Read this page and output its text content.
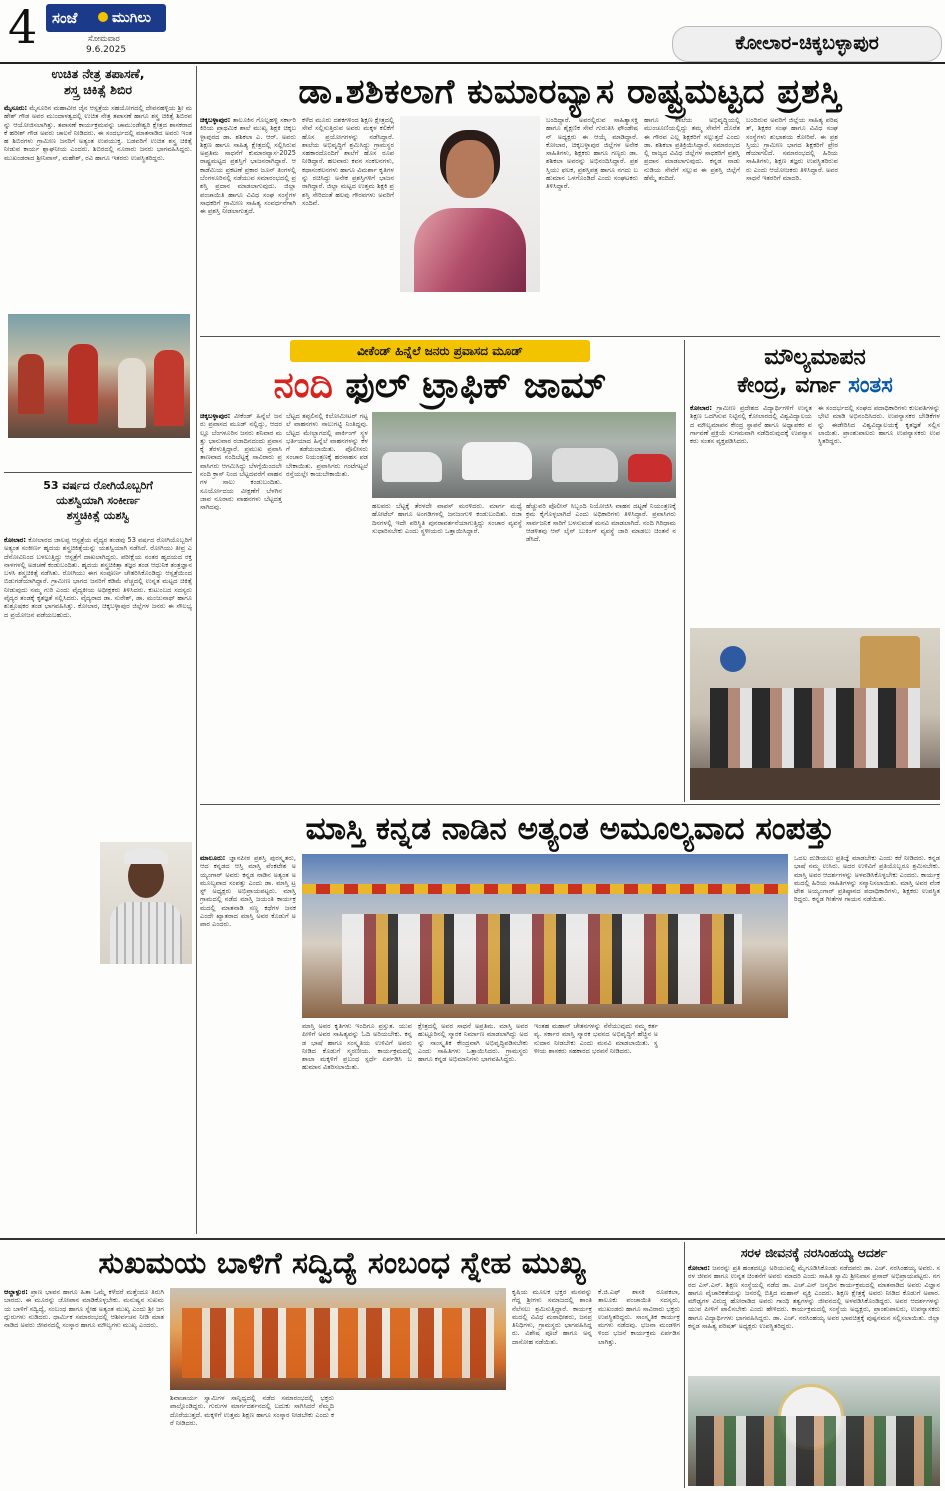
4 ಸಂಜೆ ಮುಗಿಲು
ಸೋಮವಾರ
9.6.2025	ಕೋಲಾರ-ಚಿಕ್ಕಬಳ್ಳಾಪುರ
ಉಚಿತ ನೇತ್ರ ತಪಾಸಣೆ,
ಶಸ್ತ್ರ ಚಿಕಿತ್ಸೆ ಶಿಬಿರ
ಮೈಸೂರು: ಮೈಸೂರಿನ ಮಹಾವೀರ ಜೈನ ಆಸ್ಪತ್ರೆಯ ಸಹಯೋಗದಲ್ಲಿ ದೇವನಹಳ್ಳಿಯ ಶ್ರೀ ಮಹೇಶ್ ಗೌಡ ಅವರ ಮುಂದಾಳತ್ವದಲ್ಲಿ ಉಚಿತ ನೇತ್ರ ತಪಾಸಣೆ ಹಾಗೂ ಶಸ್ತ್ರ ಚಿಕಿತ್ಸೆ ಶಿಬಿರವನ್ನು ಆಯೋಜಿಸಲಾಗಿತ್ತು. ತಪಾಸಣೆ ಕಾರ್ಯಕ್ರಮವನ್ನು ಚಾಮುಂಡೇಶ್ವರಿ ಕ್ಷೇತ್ರದ ಶಾಸಕರಾದ ಕೆ ಹರೀಶ್ ಗೌಡ ಅವರು ಚಾಲನೆ ನೀಡಿದರು. ಈ ಸಂದರ್ಭದಲ್ಲಿ ಮಾತನಾಡಿದ ಅವರು ಇಂತಹ ಶಿಬಿರಗಳು ಗ್ರಾಮೀಣ ಜನರಿಗೆ ಅತ್ಯಂತ ಉಪಯುಕ್ತ. ಬಡವರಿಗೆ ಉಚಿತ ಶಸ್ತ್ರ ಚಿಕಿತ್ಸೆ ನೀಡುವ ಕಾರ್ಯ ಶ್ಲಾಘನೀಯ ಎಂದರು. ಶಿಬಿರದಲ್ಲಿ ನೂರಾರು ಜನರು ಭಾಗವಹಿಸಿದ್ದರು. ಮುಖಂಡರಾದ ಶ್ರೀನಿವಾಸ್, ಮಹೇಶ್, ರವಿ ಹಾಗೂ ಇತರರು ಉಪಸ್ಥಿತರಿದ್ದರು.
53 ವರ್ಷದ ರೋಗಿಯೊಬ್ಬರಿಗೆ
ಯಶಸ್ವಿಯಾಗಿ ಸಂಕೀರ್ಣ
ಶಸ್ತ್ರಚಿಕಿತ್ಸೆ ಯಶಸ್ವಿ
ಕೋಲಾರ: ಕೋಲಾರದ ಜಾಲಪ್ಪ ಆಸ್ಪತ್ರೆಯ ವೈದ್ಯರ ತಂಡವು 53 ವರ್ಷದ ರೋಗಿಯೊಬ್ಬರಿಗೆ ಅತ್ಯಂತ ಸಂಕೀರ್ಣ ಹೃದಯ ಶಸ್ತ್ರಚಿಕಿತ್ಸೆಯನ್ನು ಯಶಸ್ವಿಯಾಗಿ ನಡೆಸಿದೆ. ರೋಗಿಯು ತೀವ್ರ ಎದೆನೋವಿನಿಂದ ಬಳಲುತ್ತಿದ್ದು ಆಸ್ಪತ್ರೆಗೆ ದಾಖಲಾಗಿದ್ದರು. ಪರೀಕ್ಷೆಯ ನಂತರ ಹೃದಯದ ರಕ್ತನಾಳಗಳಲ್ಲಿ ಅಡಚಣೆ ಕಂಡುಬಂದಿತು. ಹೃದಯ ಶಸ್ತ್ರಚಿಕಿತ್ಸಾ ತಜ್ಞರ ತಂಡ ಆಧುನಿಕ ತಂತ್ರಜ್ಞಾನ ಬಳಸಿ ಶಸ್ತ್ರಚಿಕಿತ್ಸೆ ನಡೆಸಿತು. ರೋಗಿಯು ಈಗ ಸಂಪೂರ್ಣ ಚೇತರಿಸಿಕೊಂಡಿದ್ದು ಆಸ್ಪತ್ರೆಯಿಂದ ಬಿಡುಗಡೆಯಾಗಿದ್ದಾರೆ. ಗ್ರಾಮೀಣ ಭಾಗದ ಜನರಿಗೆ ಕಡಿಮೆ ವೆಚ್ಚದಲ್ಲಿ ಉನ್ನತ ಮಟ್ಟದ ಚಿಕಿತ್ಸೆ ನೀಡುವುದು ನಮ್ಮ ಗುರಿ ಎಂದು ವೈದ್ಯಕೀಯ ಅಧೀಕ್ಷಕರು ತಿಳಿಸಿದರು. ಕುಟುಂಬದ ಸದಸ್ಯರು ವೈದ್ಯರ ತಂಡಕ್ಕೆ ಕೃತಜ್ಞತೆ ಸಲ್ಲಿಸಿದರು. ವೈದ್ಯರಾದ ಡಾ. ಸುರೇಶ್, ಡಾ. ಮಂಜುನಾಥ್ ಹಾಗೂ ಶುಶ್ರೂಷಕರ ತಂಡ ಭಾಗವಹಿಸಿತ್ತು. ಕೋಲಾರ, ಚಿಕ್ಕಬಳ್ಳಾಪುರ ಜಿಲ್ಲೆಗಳ ಜನರು ಈ ಸೌಲಭ್ಯದ ಪ್ರಯೋಜನ ಪಡೆಯಬಹುದು.
ಡಾ.ಶಶಿಕಲಾಗೆ ಕುಮಾರವ್ಯಾಸ ರಾಷ್ಟ್ರಮಟ್ಟದ ಪ್ರಶಸ್ತಿ
ಚಿಕ್ಕಬಳ್ಳಾಪುರ: ತಾಲೂಕಿನ ಗೊಲ್ಲಹಳ್ಳಿ ಸರ್ಕಾರಿ ಕಿರಿಯ ಪ್ರಾಥಮಿಕ ಶಾಲೆ ಮುಖ್ಯ ಶಿಕ್ಷಕಿ ಚಿಕ್ಕಬಳ್ಳಾಪುರದ ಡಾ. ಶಶಿಕಲಾ ಎ. ಆರ್. ಅವರು ಶಿಕ್ಷಣ ಹಾಗೂ ಸಾಹಿತ್ಯ ಕ್ಷೇತ್ರದಲ್ಲಿ ಸಲ್ಲಿಸಿರುವ ಅಪ್ರತಿಮ ಸಾಧನೆಗೆ ಕುಮಾರವ್ಯಾಸ-2025 ರಾಷ್ಟ್ರಮಟ್ಟದ ಪ್ರಶಸ್ತಿಗೆ ಭಾಜನರಾಗಿದ್ದಾರೆ. ಆಕಾಡೆಮಿಯ ಪ್ರಕಟಣೆ ಪ್ರಕಾರ ಜೂನ್ ತಿಂಗಳಲ್ಲಿ ಬೆಂಗಳೂರಿನಲ್ಲಿ ನಡೆಯುವ ಸಮಾರಂಭದಲ್ಲಿ ಪ್ರಶಸ್ತಿ ಪ್ರದಾನ ಮಾಡಲಾಗುವುದು. ಜಿಲ್ಲಾ ಪಂಚಾಯಿತಿ ಹಾಗೂ ವಿವಿಧ ಸಂಘ ಸಂಸ್ಥೆಗಳ ಸಾಧಕರಿಗೆ ಗ್ರಾಮೀಣ ಸಾಹಿತ್ಯ ಸಂವರ್ಧನೆಗಾಗಿ ಈ ಪ್ರಶಸ್ತಿ ನೀಡಲಾಗುತ್ತದೆ.
ಕಳೆದ ಮೂರು ದಶಕಗಳಿಂದ ಶಿಕ್ಷಣ ಕ್ಷೇತ್ರದಲ್ಲಿ ಸೇವೆ ಸಲ್ಲಿಸುತ್ತಿರುವ ಅವರು ಮಕ್ಕಳ ಕಲಿಕೆಗೆ ಹೊಸ ಪ್ರಯೋಗಗಳನ್ನು ನಡೆಸಿದ್ದಾರೆ. ಶಾಲೆಯ ಅಭಿವೃದ್ಧಿಗೆ ಶ್ರಮಿಸಿದ್ದು ಗ್ರಾಮಸ್ಥರ ಸಹಕಾರದೊಂದಿಗೆ ಶಾಲೆಗೆ ಹೊಸ ರೂಪ ನೀಡಿದ್ದಾರೆ. ಹಲವಾರು ಕವನ ಸಂಕಲನಗಳು, ಕಥಾಸಂಕಲನಗಳು ಹಾಗೂ ವಿಮರ್ಶಾ ಕೃತಿಗಳನ್ನು ರಚಿಸಿದ್ದು ಅನೇಕ ಪ್ರಶಸ್ತಿಗಳಿಗೆ ಭಾಜನರಾಗಿದ್ದಾರೆ. ಜಿಲ್ಲಾ ಮಟ್ಟದ ಉತ್ತಮ ಶಿಕ್ಷಕಿ ಪ್ರಶಸ್ತಿ ಸೇರಿದಂತೆ ಹಲವು ಗೌರವಗಳು ಅವರಿಗೆ ಸಂದಿವೆ.
ಬಂದಿದ್ದಾರೆ. ಅವರಲ್ಲಿರುವ ಸಾಹಿತ್ಯಾಸಕ್ತಿ ಹಾಗೂ ಶೈಕ್ಷಣಿಕ ಸೇವೆ ಗುರುತಿಸಿ ಫೌಂಡೇಷನ್ ಅಧ್ಯಕ್ಷರು ಈ ಆಯ್ಕೆ ಮಾಡಿದ್ದಾರೆ. ಕೋಲಾರ, ಚಿಕ್ಕಬಳ್ಳಾಪುರ ಜಿಲ್ಲೆಗಳ ಅನೇಕ ಸಾಹಿತಿಗಳು, ಶಿಕ್ಷಕರು ಹಾಗೂ ಗಣ್ಯರು ಡಾ. ಶಶಿಕಲಾ ಅವರನ್ನು ಅಭಿನಂದಿಸಿದ್ದಾರೆ. ಪ್ರಶಸ್ತಿಯು ಫಲಕ, ಪ್ರಶಸ್ತಿಪತ್ರ ಹಾಗೂ ನಗದು ಬಹುಮಾನ ಒಳಗೊಂಡಿದೆ ಎಂದು ಸಂಘಟಕರು ತಿಳಿಸಿದ್ದಾರೆ.
ಹಾಗೂ ಶಾಲೆಯ ಅಭಿವೃದ್ಧಿಯಲ್ಲಿ ಮುಂಚೂಣಿಯಲ್ಲಿದ್ದು ತಮ್ಮ ಸೇವೆಗೆ ದೊರೆತ ಈ ಗೌರವ ಎಲ್ಲ ಶಿಕ್ಷಕರಿಗೆ ಸಲ್ಲುತ್ತದೆ ಎಂದು ಡಾ. ಶಶಿಕಲಾ ಪ್ರತಿಕ್ರಿಯಿಸಿದ್ದಾರೆ. ಸಮಾರಂಭದಲ್ಲಿ ರಾಜ್ಯದ ವಿವಿಧ ಜಿಲ್ಲೆಗಳ ಸಾಧಕರಿಗೆ ಪ್ರಶಸ್ತಿ ಪ್ರದಾನ ಮಾಡಲಾಗುವುದು. ಕನ್ನಡ ನಾಡು ನುಡಿಯ ಸೇವೆಗೆ ಸಲ್ಲುವ ಈ ಪ್ರಶಸ್ತಿ ಜಿಲ್ಲೆಗೆ ಹೆಮ್ಮೆ ತಂದಿದೆ.
ಬಂದಿರುವ ಅವರಿಗೆ ಜಿಲ್ಲೆಯ ಸಾಹಿತ್ಯ ಪರಿಷತ್, ಶಿಕ್ಷಕರ ಸಂಘ ಹಾಗೂ ವಿವಿಧ ಸಂಘ ಸಂಸ್ಥೆಗಳು ಶುಭಾಶಯ ಕೋರಿವೆ. ಈ ಪ್ರಶಸ್ತಿಯು ಗ್ರಾಮೀಣ ಭಾಗದ ಶಿಕ್ಷಕರಿಗೆ ಪ್ರೇರಣೆಯಾಗಲಿದೆ. ಸಮಾರಂಭದಲ್ಲಿ ಹಿರಿಯ ಸಾಹಿತಿಗಳು, ಶಿಕ್ಷಣ ತಜ್ಞರು ಉಪಸ್ಥಿತರಿರುವರು ಎಂದು ಆಯೋಜಕರು ತಿಳಿಸಿದ್ದಾರೆ. ಅವರ ಸಾಧನೆ ಇತರರಿಗೆ ಮಾದರಿ.
ವೀಕೆಂಡ್ ಹಿನ್ನೆಲೆ ಜನರು ಪ್ರವಾಸದ ಮೂಡ್
ನಂದಿ ಫುಲ್ ಟ್ರಾಫಿಕ್ ಜಾಮ್
ಚಿಕ್ಕಬಳ್ಳಾಪುರ: ವೀಕೆಂಡ್ ಹಿನ್ನೆಲೆ ಜನರು ಪ್ರವಾಸದ ಮೂಡ್ ನಲ್ಲಿದ್ದು, ಆದರಲ್ಲೂ ಬೆಂಗಳೂರಿನ ಜನರು ಶನಿವಾರ ಮತ್ತು ಭಾನುವಾರ ರಜಾದಿನದಂದು ಪ್ರವಾಸಕ್ಕೆ ತೆರಳುತ್ತಿದ್ದಾರೆ. ಪ್ರಮುಖ ಪ್ರವಾಸಿ ತಾಣವಾದ ನಂದಿಬೆಟ್ಟಕ್ಕೆ ಸಾವಿರಾರು ಪ್ರವಾಸಿಗರು ಆಗಮಿಸಿದ್ದು ಬೆಳಗ್ಗೆಯಿಂದಲೇ ನಂದಿ ಕ್ರಾಸ್ ನಿಂದ ಬೆಟ್ಟದವರೆಗೆ ವಾಹನಗಳ ಸಾಲು ಕಂಡುಬಂದಿತು. ಸೂರ್ಯೋದಯ ವೀಕ್ಷಣೆಗೆ ಬೆಳಗಿನ ಜಾವ ನೂರಾರು ವಾಹನಗಳು ಬೆಟ್ಟದತ್ತ ಸಾಗಿದವು.
ಬೆಟ್ಟದ ತಪ್ಪಲಿನಲ್ಲಿ ಕಿಲೋಮೀಟರ್ ಗಟ್ಟಲೆ ವಾಹನಗಳು ಸಾಲುಗಟ್ಟಿ ನಿಂತಿದ್ದವು. ಬೆಟ್ಟದ ಮೇಲ್ಭಾಗದಲ್ಲಿ ಪಾರ್ಕಿಂಗ್ ಸ್ಥಳ ಭರ್ತಿಯಾದ ಹಿನ್ನೆಲೆ ವಾಹನಗಳನ್ನು ಕೆಳಗೆ ತಡೆಯಲಾಯಿತು. ಪೊಲೀಸರು ಸಂಚಾರ ನಿಯಂತ್ರಣಕ್ಕೆ ಹರಸಾಹಸ ಪಡಬೇಕಾಯಿತು. ಪ್ರವಾಸಿಗರು ಗಂಟೆಗಟ್ಟಲೆ ರಸ್ತೆಯಲ್ಲೇ ಕಾಯಬೇಕಾಯಿತು.
ಹಲವರು ಬೆಟ್ಟಕ್ಕೆ ತೆರಳದೇ ವಾಪಸ್ ಮರಳಿದರು. ಮಾರ್ಗ ಮಧ್ಯೆ ಹೋಟೆಲ್ ಹಾಗೂ ಅಂಗಡಿಗಳಲ್ಲಿ ಜನಜಂಗುಳಿ ಕಂಡುಬಂದಿತು. ರಜಾ ದಿನಗಳಲ್ಲಿ ಇದೇ ಪರಿಸ್ಥಿತಿ ಪುನರಾವರ್ತನೆಯಾಗುತ್ತಿದ್ದು ಸಂಚಾರ ವ್ಯವಸ್ಥೆ ಸುಧಾರಿಸಬೇಕು ಎಂದು ಸ್ಥಳೀಯರು ಒತ್ತಾಯಿಸಿದ್ದಾರೆ.
ಹೆಚ್ಚುವರಿ ಪೊಲೀಸ್ ಸಿಬ್ಬಂದಿ ನಿಯೋಜಿಸಿ ವಾಹನ ದಟ್ಟಣೆ ನಿಯಂತ್ರಣಕ್ಕೆ ಕ್ರಮ ಕೈಗೊಳ್ಳಲಾಗಿದೆ ಎಂದು ಅಧಿಕಾರಿಗಳು ತಿಳಿಸಿದ್ದಾರೆ. ಪ್ರವಾಸಿಗರು ಸಾರ್ವಜನಿಕ ಸಾರಿಗೆ ಬಳಸುವಂತೆ ಮನವಿ ಮಾಡಲಾಗಿದೆ. ನಂದಿ ಗಿರಿಧಾಮ ಆಡಳಿತವು ಆನ್ ಲೈನ್ ಬುಕಿಂಗ್ ವ್ಯವಸ್ಥೆ ಜಾರಿ ಮಾಡಲು ಚಿಂತನೆ ನಡೆಸಿದೆ.
ಮೌಲ್ಯಮಾಪನ
ಕೇಂದ್ರ, ವರ್ಗಾ ಸಂತಸ
ಕೋಲಾರ: ಗ್ರಾಮೀಣ ಪ್ರದೇಶದ ವಿದ್ಯಾರ್ಥಿಗಳಿಗೆ ಉನ್ನತ ಶಿಕ್ಷಣ ಒದಗಿಸುವ ನಿಟ್ಟಿನಲ್ಲಿ ಕೋಲಾರದಲ್ಲಿ ವಿಶ್ವವಿದ್ಯಾಲಯದ ಮೌಲ್ಯಮಾಪನ ಕೇಂದ್ರ ಸ್ಥಾಪನೆ ಹಾಗೂ ಅಧ್ಯಾಪಕರ ವರ್ಗಾವಣೆ ಪ್ರಕ್ರಿಯೆ ಸುಗಮವಾಗಿ ನಡೆದಿರುವುದಕ್ಕೆ ಉಪನ್ಯಾಸಕರು ಸಂತಸ ವ್ಯಕ್ತಪಡಿಸಿದರು.
ಈ ಸಂದರ್ಭದಲ್ಲಿ ಸಂಘದ ಪದಾಧಿಕಾರಿಗಳು ಕುಲಪತಿಗಳನ್ನು ಭೇಟಿ ಮಾಡಿ ಅಭಿನಂದಿಸಿದರು. ಉಪನ್ಯಾಸಕರ ಬೇಡಿಕೆಗಳನ್ನು ಈಡೇರಿಸಿದ ವಿಶ್ವವಿದ್ಯಾಲಯಕ್ಕೆ ಕೃತಜ್ಞತೆ ಸಲ್ಲಿಸಲಾಯಿತು. ಪ್ರಾಂಶುಪಾಲರು ಹಾಗೂ ಉಪನ್ಯಾಸಕರು ಉಪಸ್ಥಿತರಿದ್ದರು.
ಮಾಸ್ತಿ ಕನ್ನಡ ನಾಡಿನ ಅತ್ಯಂತ ಅಮೂಲ್ಯವಾದ ಸಂಪತ್ತು
ಮಾಲೂರು: ಜ್ಞಾನಪೀಠ ಪ್ರಶಸ್ತಿ ಪುರಸ್ಕೃತರು, ಆದ ಕನ್ನಡದ ಆಸ್ತಿ ಮಾಸ್ತಿ ವೆಂಕಟೇಶ ಅಯ್ಯಂಗಾರ್ ಅವರು ಕನ್ನಡ ನಾಡಿನ ಅತ್ಯಂತ ಅಮೂಲ್ಯವಾದ ಸಂಪತ್ತು ಎಂದು ಡಾ. ಮಾಸ್ತಿ ಟ್ರಸ್ಟ್ ಅಧ್ಯಕ್ಷರು ಅಭಿಪ್ರಾಯಪಟ್ಟರು. ಮಾಸ್ತಿ ಗ್ರಾಮದಲ್ಲಿ ನಡೆದ ಮಾಸ್ತಿ ಜಯಂತಿ ಕಾರ್ಯಕ್ರಮದಲ್ಲಿ ಮಾತನಾಡಿ ಸಣ್ಣ ಕಥೆಗಳ ಜನಕ ಎಂದೇ ಖ್ಯಾತರಾದ ಮಾಸ್ತಿ ಅವರ ಕೊಡುಗೆ ಅಪಾರ ಎಂದರು.
ಮಾಸ್ತಿ ಅವರ ಕೃತಿಗಳು ಇಂದಿಗೂ ಪ್ರಸ್ತುತ. ಯುವ ಪೀಳಿಗೆ ಅವರ ಸಾಹಿತ್ಯವನ್ನು ಓದಿ ಅರಿಯಬೇಕು. ಕನ್ನಡ ಭಾಷೆ ಹಾಗೂ ಸಂಸ್ಕೃತಿಯ ಉಳಿವಿಗೆ ಅವರು ನೀಡಿದ ಕೊಡುಗೆ ಸ್ಮರಣೀಯ. ಕಾರ್ಯಕ್ರಮದಲ್ಲಿ ಶಾಲಾ ಮಕ್ಕಳಿಗೆ ಪ್ರಬಂಧ ಸ್ಪರ್ಧೆ ಏರ್ಪಡಿಸಿ ಬಹುಮಾನ ವಿತರಿಸಲಾಯಿತು.
ಕ್ಷೇತ್ರದಲ್ಲಿ ಅವರ ಸಾಧನೆ ಅಪ್ರತಿಮ. ಮಾಸ್ತಿ ಅವರ ಹುಟ್ಟೂರಿನಲ್ಲಿ ಸ್ಮಾರಕ ನಿರ್ಮಾಣ ಮಾಡಲಾಗಿದ್ದು ಅದನ್ನು ಸಾಂಸ್ಕೃತಿಕ ಕೇಂದ್ರವಾಗಿ ಅಭಿವೃದ್ಧಿಪಡಿಸಬೇಕು ಎಂದು ಸಾಹಿತಿಗಳು ಒತ್ತಾಯಿಸಿದರು. ಗ್ರಾಮಸ್ಥರು ಹಾಗೂ ಕನ್ನಡ ಅಭಿಮಾನಿಗಳು ಭಾಗವಹಿಸಿದ್ದರು.
ಇಂತಹ ಮಹಾನ್ ಚೇತನಗಳನ್ನು ನೆನೆಯುವುದು ನಮ್ಮ ಕರ್ತವ್ಯ. ಸರ್ಕಾರ ಮಾಸ್ತಿ ಸ್ಮಾರಕ ಭವನದ ಅಭಿವೃದ್ಧಿಗೆ ಹೆಚ್ಚಿನ ಅನುದಾನ ನೀಡಬೇಕು ಎಂದು ಮನವಿ ಮಾಡಲಾಯಿತು. ಸ್ಥಳೀಯ ಶಾಸಕರು ಸಹಕಾರದ ಭರವಸೆ ನೀಡಿದರು.
ಒದಲ ದುಡಿಯಲು ಪ್ರತಿಜ್ಞೆ ಮಾಡಬೇಕು ಎಂದು ಕರೆ ನೀಡಿದರು. ಕನ್ನಡ ಭಾಷೆ ನಮ್ಮ ಉಸಿರು. ಅದರ ಉಳಿವಿಗೆ ಪ್ರತಿಯೊಬ್ಬರೂ ಶ್ರಮಿಸಬೇಕು. ಮಾಸ್ತಿ ಅವರ ಆದರ್ಶಗಳನ್ನು ಅಳವಡಿಸಿಕೊಳ್ಳಬೇಕು ಎಂದರು. ಕಾರ್ಯಕ್ರಮದಲ್ಲಿ ಹಿರಿಯ ಸಾಹಿತಿಗಳನ್ನು ಸನ್ಮಾನಿಸಲಾಯಿತು. ಮಾಸ್ತಿ ಅವರ ವೆಂಕಟೇಶ ಅಯ್ಯಂಗಾರ್ ಪ್ರತಿಷ್ಠಾನದ ಪದಾಧಿಕಾರಿಗಳು, ಶಿಕ್ಷಕರು ಉಪಸ್ಥಿತರಿದ್ದರು. ಕನ್ನಡ ಗೀತೆಗಳ ಗಾಯನ ನಡೆಯಿತು.
ಸುಖಮಯ ಬಾಳಿಗೆ ಸದ್ವಿದ್ಯೆ ಸಂಬಂಧ ಸ್ನೇಹ ಮುಖ್ಯ
ಆಲ್ದಾಳ್ಪುರ: ಪ್ರಾಣ ಭಾವನ ಹಾಗೂ ಹಿತಾ ಒಮ್ಮೆ ಕಳೆದರೆ ಮತ್ತೆಂದೂ ತಿರುಗಿ ಬಾರದು. ಈ ಮೂರನ್ನು ಜೋಪಾನ ಮಾಡಿಕೊಳ್ಳಬೇಕು. ಮನುಷ್ಯನ ಸುಖಮಯ ಬಾಳಿಗೆ ಸದ್ವಿದ್ಯೆ, ಸಂಬಂಧ ಹಾಗೂ ಸ್ನೇಹ ಅತ್ಯಂತ ಮುಖ್ಯ ಎಂದು ಶ್ರೀ ಜಗದ್ಗುರುಗಳು ನುಡಿದರು. ಧಾರ್ಮಿಕ ಸಮಾರಂಭದಲ್ಲಿ ಆಶೀರ್ವಚನ ನೀಡಿ ಮಾತನಾಡಿದ ಅವರು ಜೀವನದಲ್ಲಿ ಸಂಸ್ಕಾರ ಹಾಗೂ ಮೌಲ್ಯಗಳು ಮುಖ್ಯ ಎಂದರು.
ಶಿವಾಚಾರ್ಯ ಸ್ವಾಮಿಗಳ ಸಾನ್ನಿಧ್ಯದಲ್ಲಿ ನಡೆದ ಸಮಾರಂಭದಲ್ಲಿ ಭಕ್ತರು ಪಾಲ್ಗೊಂಡಿದ್ದರು. ಗುರುಗಳ ಮಾರ್ಗದರ್ಶನದಲ್ಲಿ ಬದುಕು ಸಾಗಿಸಿದರೆ ನೆಮ್ಮದಿ ದೊರೆಯುತ್ತದೆ. ಮಕ್ಕಳಿಗೆ ಉತ್ತಮ ಶಿಕ್ಷಣ ಹಾಗೂ ಸಂಸ್ಕಾರ ನೀಡಬೇಕು ಎಂದು ಕರೆ ನೀಡಿದರು.
ಕೃಷಿಯ ಮೂಲಕ ಭಕ್ತರ ಮನವನ್ನು ಗೆದ್ದ ಶ್ರೀಗಳು ಸಮಾಜದಲ್ಲಿ ಶಾಂತಿ ನೆಲೆಸಲು ಶ್ರಮಿಸುತ್ತಿದ್ದಾರೆ. ಕಾರ್ಯಕ್ರಮದಲ್ಲಿ ವಿವಿಧ ಮಠಾಧೀಶರು, ಜನಪ್ರತಿನಿಧಿಗಳು, ಗ್ರಾಮಸ್ಥರು ಭಾಗವಹಿಸಿದ್ದರು. ವಿಶೇಷ ಪೂಜೆ ಹಾಗೂ ಅನ್ನದಾಸೋಹ ನಡೆಯಿತು.
ಕೆ.ಜಿ.ಎಫ್ ಶಾಸಕಿ ರೂಪಕಲಾ, ತಾಲೂಕು ಪಂಚಾಯಿತಿ ಸದಸ್ಯರು, ಮುಖಂಡರು ಹಾಗೂ ಸಾವಿರಾರು ಭಕ್ತರು ಉಪಸ್ಥಿತರಿದ್ದರು. ಸಾಂಸ್ಕೃತಿಕ ಕಾರ್ಯಕ್ರಮಗಳು ನಡೆದವು. ಭಜನಾ ಮಂಡಳಿಗಳಿಂದ ಭಜನೆ ಕಾರ್ಯಕ್ರಮ ಏರ್ಪಡಿಸಲಾಗಿತ್ತು.
ಸರಳ ಜೀವನಕ್ಕೆ ನರಸಿಂಹಯ್ಯ ಆದರ್ಶ
ಕೋಲಾರ: ಜನರನ್ನು ಪ್ರತಿ ಹಂತದಲ್ಲೂ ಅರಿಯುವಲ್ಲಿ ಮೈಗೂಡಿಸಿಕೊಂಡು ನಡೆದವರು ಡಾ. ಎಚ್. ನರಸಿಂಹಯ್ಯ ಅವರು. ಸರಳ ಜೀವನ ಹಾಗೂ ಉನ್ನತ ಚಿಂತನೆಗೆ ಅವರು ಮಾದರಿ ಎಂದು ಸಾಹಿತಿ ಸ್ವಾಮಿ ಶ್ರೀನಿವಾಸ ಪ್ರಸಾದ್ ಅಭಿಪ್ರಾಯಪಟ್ಟರು. ನಗರದ ಎಸ್.ಎನ್. ಶಿಕ್ಷಣ ಸಂಸ್ಥೆಯಲ್ಲಿ ನಡೆದ ಡಾ. ಎಚ್.ಎನ್ ಜನ್ಮದಿನ ಕಾರ್ಯಕ್ರಮದಲ್ಲಿ ಮಾತನಾಡಿದ ಅವರು ವಿಜ್ಞಾನ ಹಾಗೂ ವೈಚಾರಿಕತೆಯನ್ನು ಜನರಲ್ಲಿ ಬಿತ್ತಿದ ಮಹಾನ್ ವ್ಯಕ್ತಿ ಎಂದರು. ಶಿಕ್ಷಣ ಕ್ಷೇತ್ರಕ್ಕೆ ಅವರು ನೀಡಿದ ಕೊಡುಗೆ ಅಪಾರ. ಮೌಢ್ಯಗಳ ವಿರುದ್ಧ ಹೋರಾಡಿದ ಅವರು ಗಾಂಧಿ ತತ್ವಗಳನ್ನು ಜೀವನದಲ್ಲಿ ಅಳವಡಿಸಿಕೊಂಡಿದ್ದರು. ಅವರ ಆದರ್ಶಗಳನ್ನು ಯುವ ಪೀಳಿಗೆ ಪಾಲಿಸಬೇಕು ಎಂದು ಹೇಳಿದರು. ಕಾರ್ಯಕ್ರಮದಲ್ಲಿ ಸಂಸ್ಥೆಯ ಅಧ್ಯಕ್ಷರು, ಪ್ರಾಂಶುಪಾಲರು, ಉಪನ್ಯಾಸಕರು ಹಾಗೂ ವಿದ್ಯಾರ್ಥಿಗಳು ಭಾಗವಹಿಸಿದ್ದರು. ಡಾ. ಎಚ್. ನರಸಿಂಹಯ್ಯ ಅವರ ಭಾವಚಿತ್ರಕ್ಕೆ ಪುಷ್ಪನಮನ ಸಲ್ಲಿಸಲಾಯಿತು. ಜಿಲ್ಲಾ ಕನ್ನಡ ಸಾಹಿತ್ಯ ಪರಿಷತ್ ಅಧ್ಯಕ್ಷರು ಉಪಸ್ಥಿತರಿದ್ದರು.
